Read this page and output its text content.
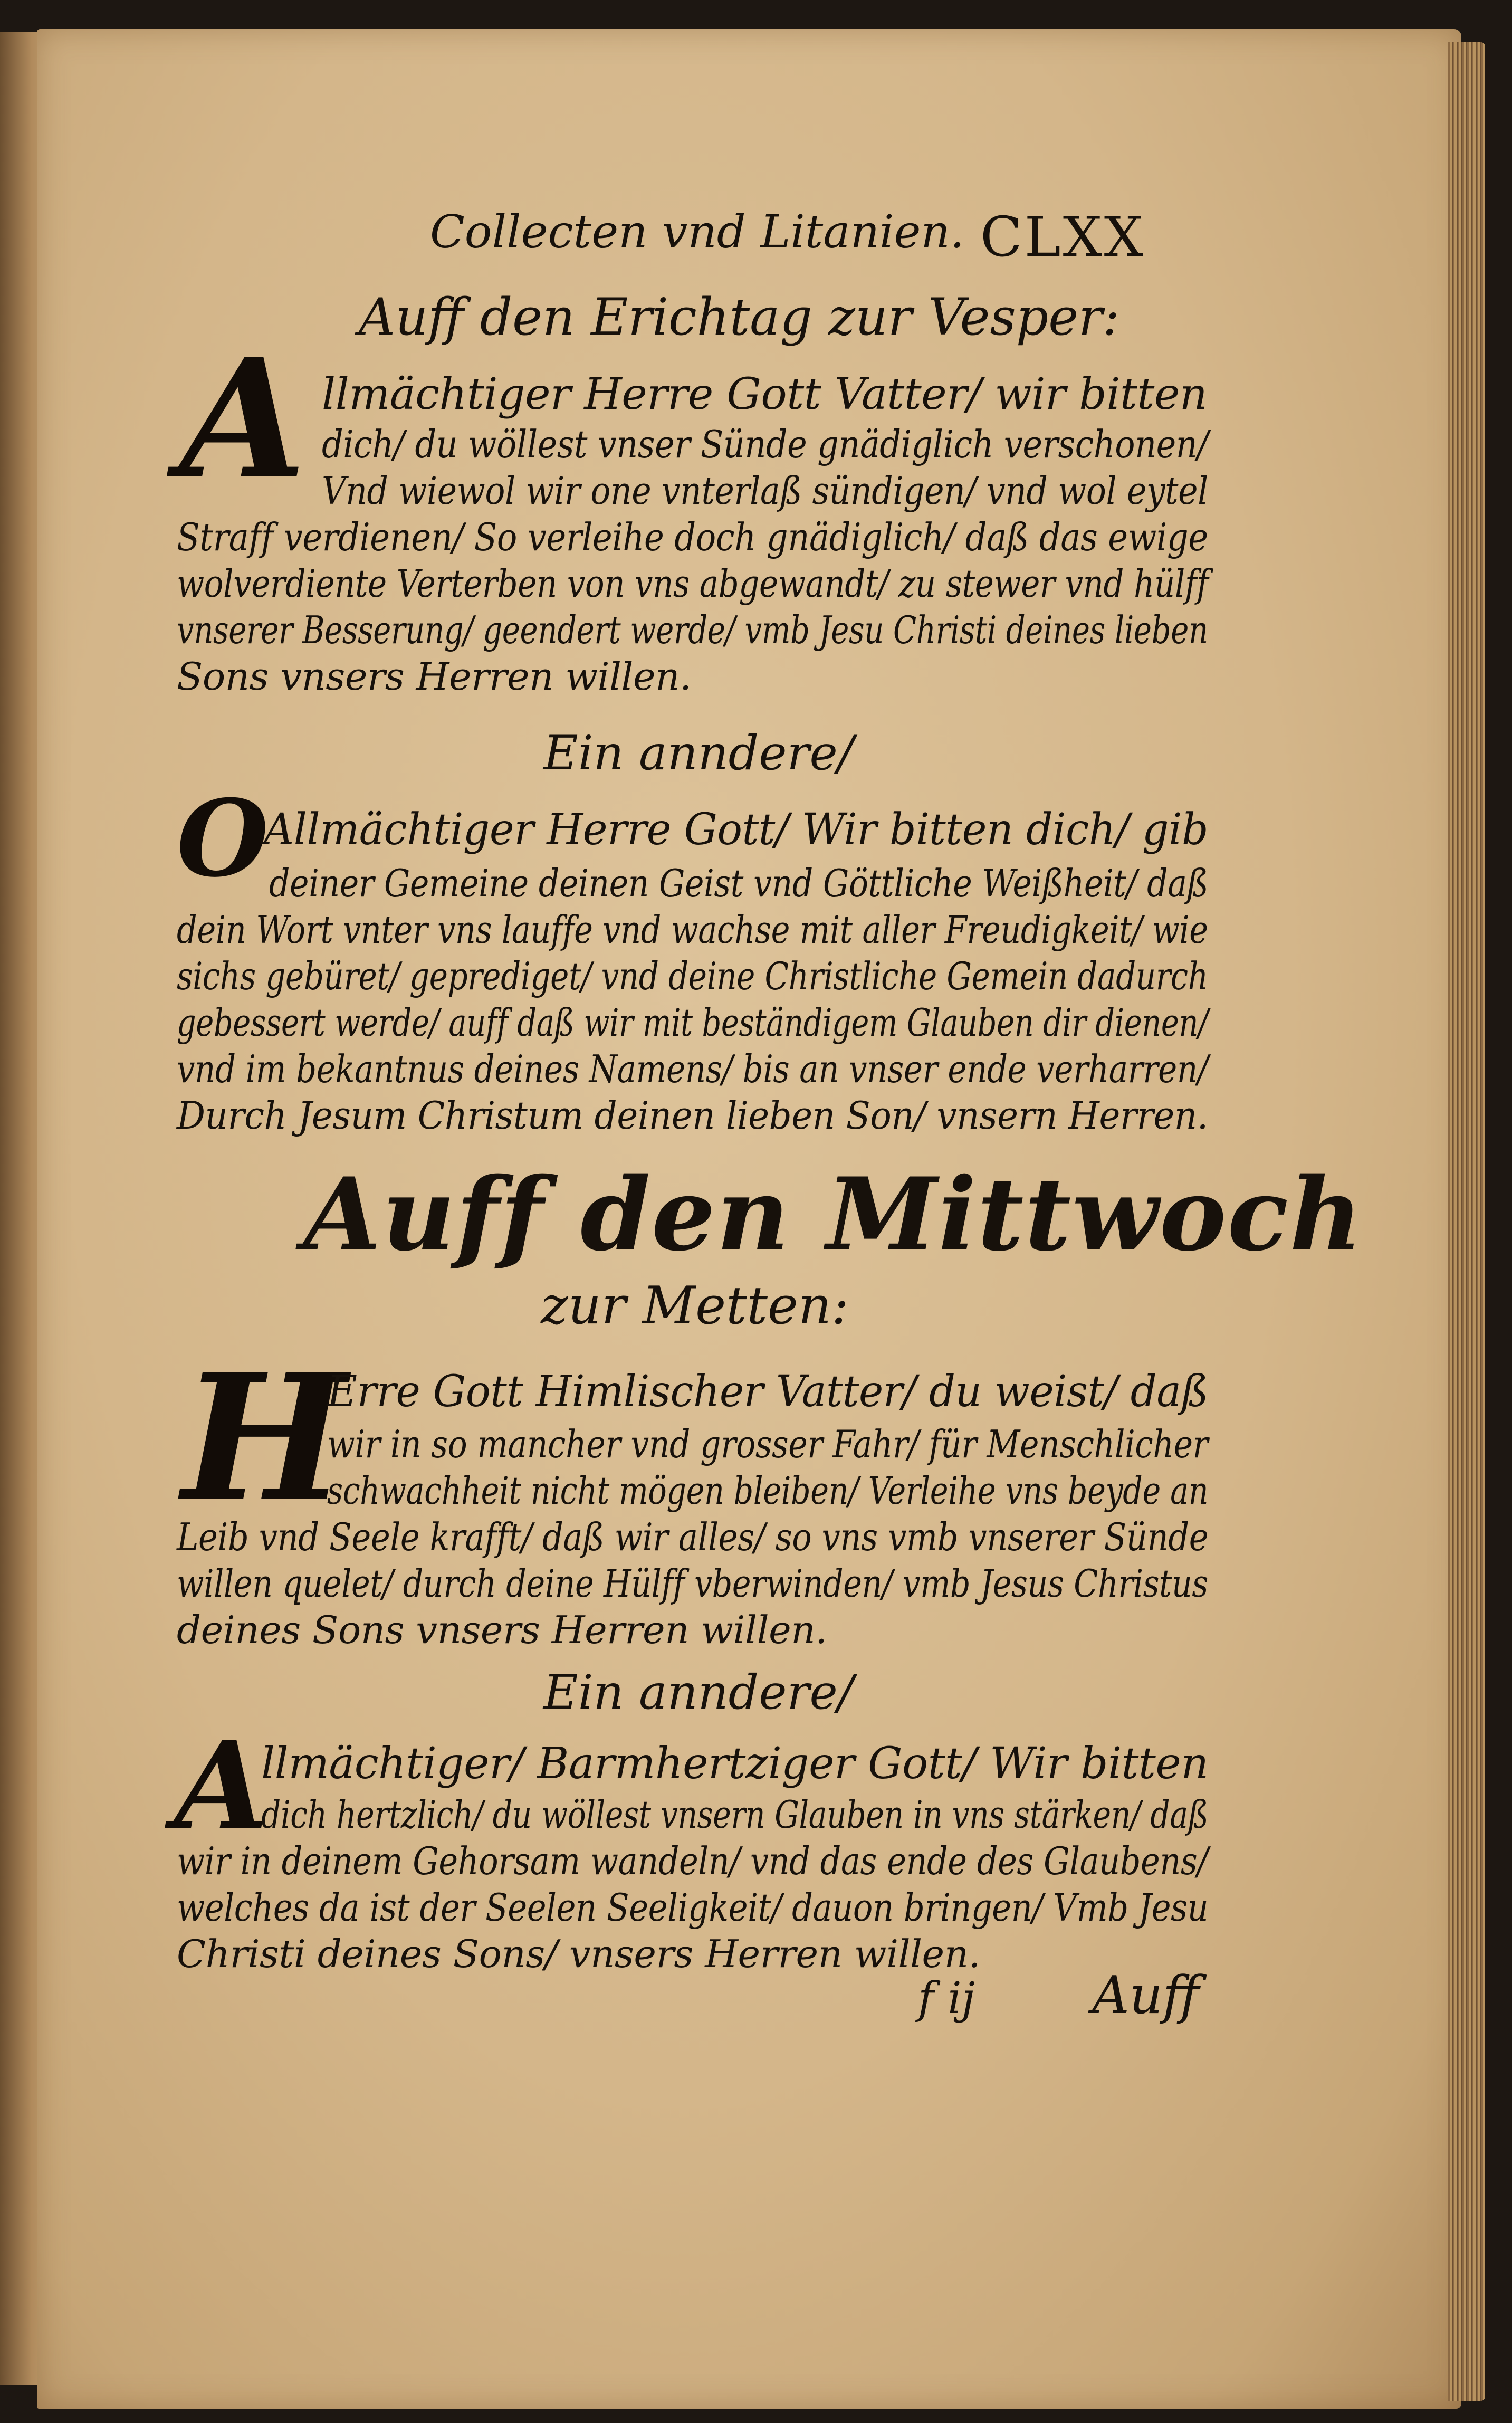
Collecten vnd Litanien. CLXX
Auff den Erichtag zur Vesper:
A llmächtiger Herre Gott Vatter/ wir bitten
dich/ du wöllest vnser Sünde gnädiglich verschonen/
Vnd wiewol wir one vnterlaß sündigen/ vnd wol eytel
Straff verdienen/ So verleihe doch gnädiglich/ daß das ewige
wolverdiente Verterben von vns abgewandt/ zu stewer vnd hülff
vnserer Besserung/ geendert werde/ vmb Jesu Christi deines lieben
Sons vnsers Herren willen.
Ein anndere/
O
Allmächtiger Herre Gott/ Wir bitten dich/ gib
deiner Gemeine deinen Geist vnd Göttliche Weißheit/ daß
dein Wort vnter vns lauffe vnd wachse mit aller Freudigkeit/ wie
sichs gebüret/ geprediget/ vnd deine Christliche Gemein dadurch
gebessert werde/ auff daß wir mit beständigem Glauben dir dienen/
vnd im bekantnus deines Namens/ bis an vnser ende verharren/
Durch Jesum Christum deinen lieben Son/ vnsern Herren.
Auff den Mittwoch
zur Metten:
H
Erre Gott Himlischer Vatter/ du weist/ daß
wir in so mancher vnd grosser Fahr/ für Menschlicher
schwachheit nicht mögen bleiben/ Verleihe vns beyde an
Leib vnd Seele krafft/ daß wir alles/ so vns vmb vnserer Sünde
willen quelet/ durch deine Hülff vberwinden/ vmb Jesus Christus
deines Sons vnsers Herren willen.
Ein anndere/
A
llmächtiger/ Barmhertziger Gott/ Wir bitten
dich hertzlich/ du wöllest vnsern Glauben in vns stärken/ daß
wir in deinem Gehorsam wandeln/ vnd das ende des Glaubens/
welches da ist der Seelen Seeligkeit/ dauon bringen/ Vmb Jesu
Christi deines Sons/ vnsers Herren willen.
f ij Auff
